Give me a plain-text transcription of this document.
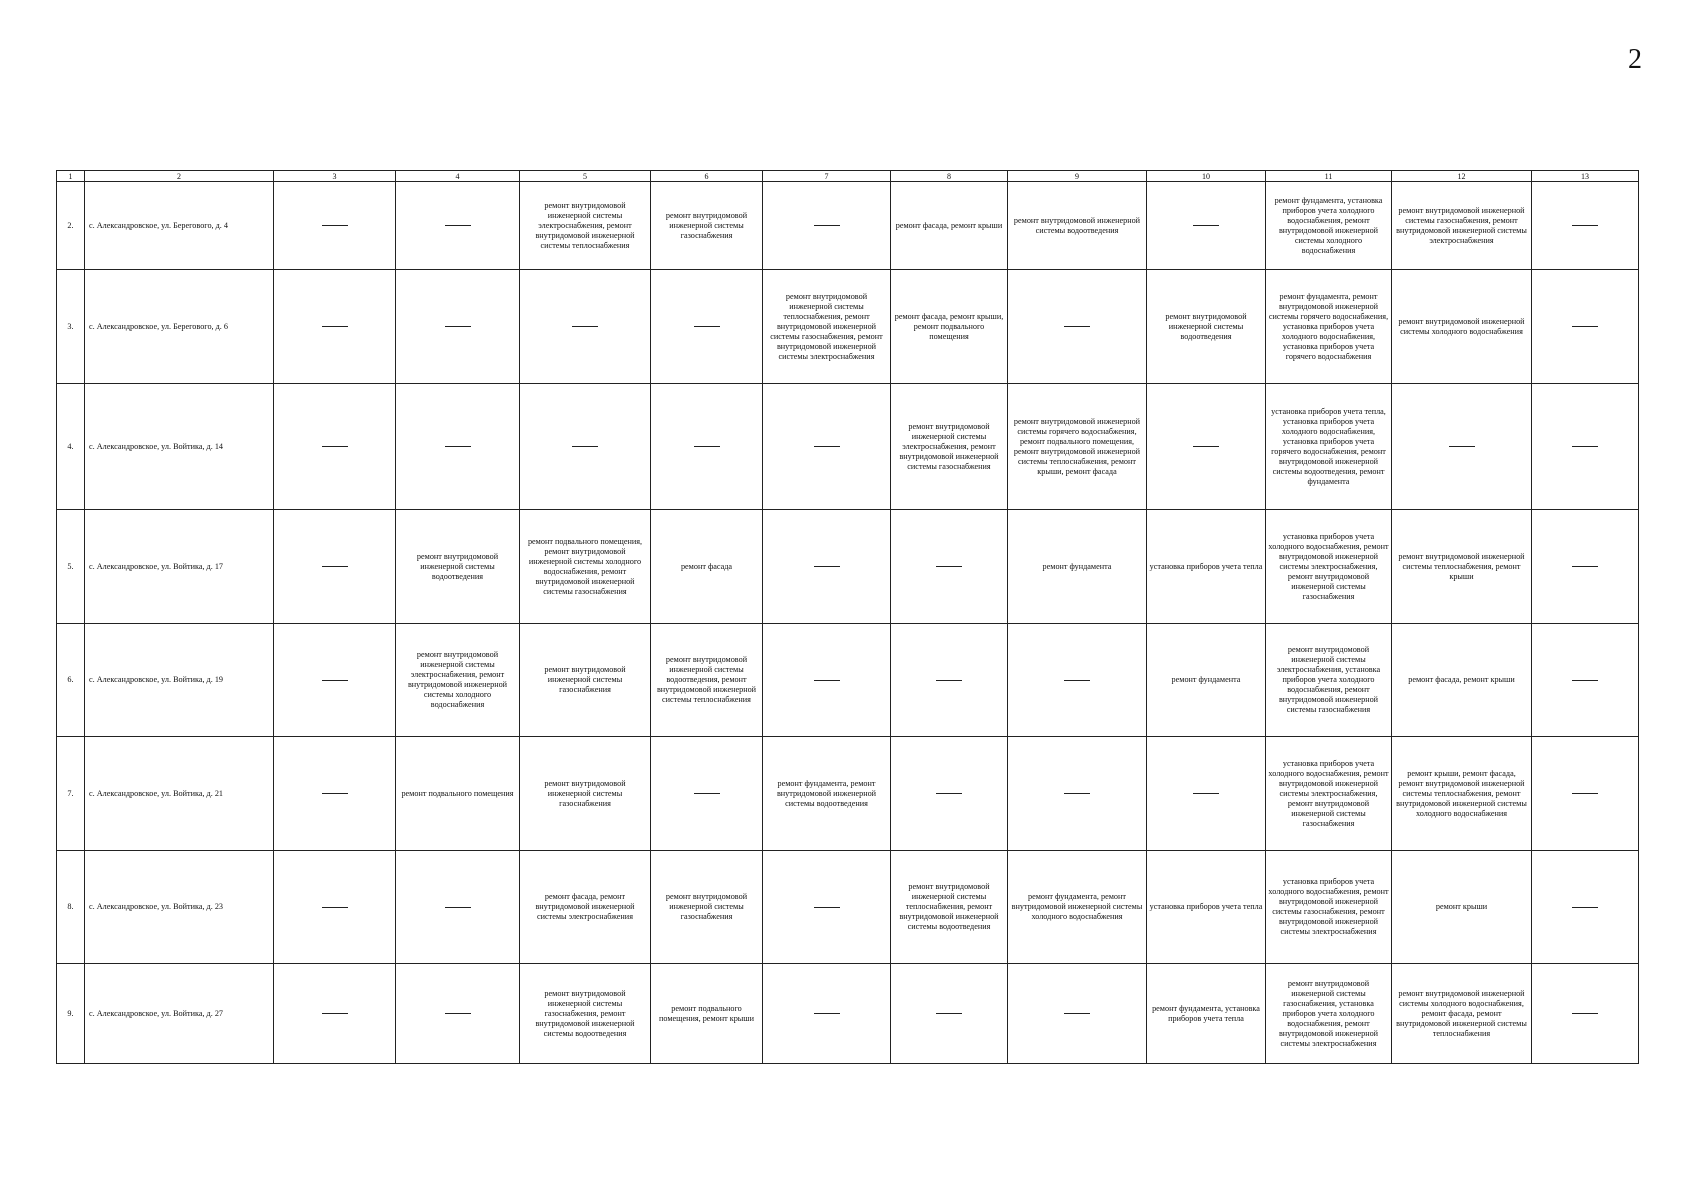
2
1	2	3	4	5	6	7	8	9	10	11	12	13
2.	с. Александровское, ул. Берегового, д. 4			ремонт внутридомовой инженерной системы электроснабжения, ремонт внутридомовой инженерной системы теплоснабжения	ремонт внутридомовой инженерной системы газоснабжения		ремонт фасада, ремонт крыши	ремонт внутридомовой инженерной системы водоотведения		ремонт фундамента, установка приборов учета холодного водоснабжения, ремонт внутридомовой инженерной системы холодного водоснабжения	ремонт внутридомовой инженерной системы газоснабжения, ремонт внутридомовой инженерной системы электроснабжения	
3.	с. Александровское, ул. Берегового, д. 6					ремонт внутридомовой инженерной системы теплоснабжения, ремонт внутридомовой инженерной системы газоснабжения, ремонт внутридомовой инженерной системы электроснабжения	ремонт фасада, ремонт крыши, ремонт подвального помещения		ремонт внутридомовой инженерной системы водоотведения	ремонт фундамента, ремонт внутридомовой инженерной системы горячего водоснабжения, установка приборов учета холодного водоснабжения, установка приборов учета горячего водоснабжения	ремонт внутридомовой инженерной системы холодного водоснабжения	
4.	с. Александровское, ул. Войтика, д. 14						ремонт внутридомовой инженерной системы электроснабжения, ремонт внутридомовой инженерной системы газоснабжения	ремонт внутридомовой инженерной системы горячего водоснабжения, ремонт подвального помещения, ремонт внутридомовой инженерной системы теплоснабжения, ремонт крыши, ремонт фасада		установка приборов учета тепла, установка приборов учета холодного водоснабжения, установка приборов учета горячего водоснабжения, ремонт внутридомовой инженерной системы водоотведения, ремонт фундамента		
5.	с. Александровское, ул. Войтика, д. 17		ремонт внутридомовой инженерной системы водоотведения	ремонт подвального помещения, ремонт внутридомовой инженерной системы холодного водоснабжения, ремонт внутридомовой инженерной системы газоснабжения	ремонт фасада			ремонт фундамента	установка приборов учета тепла	установка приборов учета холодного водоснабжения, ремонт внутридомовой инженерной системы электроснабжения, ремонт внутридомовой инженерной системы газоснабжения	ремонт внутридомовой инженерной системы теплоснабжения, ремонт крыши	
6.	с. Александровское, ул. Войтика, д. 19		ремонт внутридомовой инженерной системы электроснабжения, ремонт внутридомовой инженерной системы холодного водоснабжения	ремонт внутридомовой инженерной системы газоснабжения	ремонт внутридомовой инженерной системы водоотведения, ремонт внутридомовой инженерной системы теплоснабжения				ремонт фундамента	ремонт внутридомовой инженерной системы электроснабжения, установка приборов учета холодного водоснабжения, ремонт внутридомовой инженерной системы газоснабжения	ремонт фасада, ремонт крыши	
7.	с. Александровское, ул. Войтика, д. 21		ремонт подвального помещения	ремонт внутридомовой инженерной системы газоснабжения		ремонт фундамента, ремонт внутридомовой инженерной системы водоотведения				установка приборов учета холодного водоснабжения, ремонт внутридомовой инженерной системы электроснабжения, ремонт внутридомовой инженерной системы газоснабжения	ремонт крыши, ремонт фасада, ремонт внутридомовой инженерной системы теплоснабжения, ремонт внутридомовой инженерной системы холодного водоснабжения	
8.	с. Александровское, ул. Войтика, д. 23			ремонт фасада, ремонт внутридомовой инженерной системы электроснабжения	ремонт внутридомовой инженерной системы газоснабжения		ремонт внутридомовой инженерной системы теплоснабжения, ремонт внутридомовой инженерной системы водоотведения	ремонт фундамента, ремонт внутридомовой инженерной системы холодного водоснабжения	установка приборов учета тепла	установка приборов учета холодного водоснабжения, ремонт внутридомовой инженерной системы газоснабжения, ремонт внутридомовой инженерной системы электроснабжения	ремонт крыши	
9.	с. Александровское, ул. Войтика, д. 27			ремонт внутридомовой инженерной системы газоснабжения, ремонт внутридомовой инженерной системы водоотведения	ремонт подвального помещения, ремонт крыши				ремонт фундамента, установка приборов учета тепла	ремонт внутридомовой инженерной системы газоснабжения, установка приборов учета холодного водоснабжения, ремонт внутридомовой инженерной системы электроснабжения	ремонт внутридомовой инженерной системы холодного водоснабжения, ремонт фасада, ремонт внутридомовой инженерной системы теплоснабжения	
